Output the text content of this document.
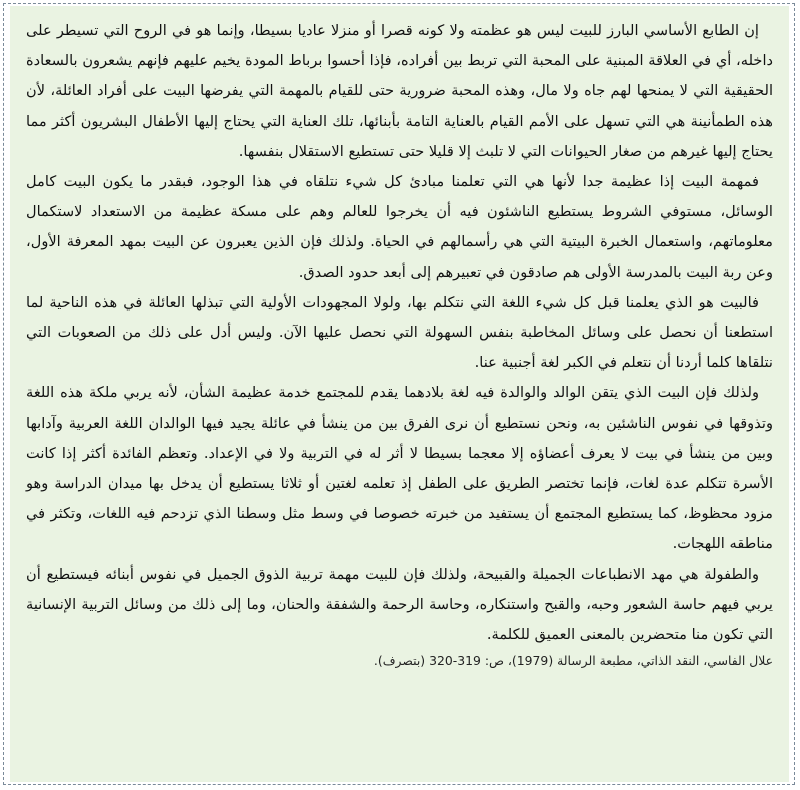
إن الطابع الأساسي البارز للبيت ليس هو عظمته ولا كونه قصرا أو منزلا عاديا بسيطا، وإنما هو في الروح التي تسيطر على داخله، أي في العلاقة المبنية على المحبة التي تربط بين أفراده، فإذا أحسوا برباط المودة يخيم عليهم فإنهم يشعرون بالسعادة الحقيقية التي لا يمنحها لهم جاه ولا مال، وهذه المحبة ضرورية حتى للقيام بالمهمة التي يفرضها البيت على أفراد العائلة، لأن هذه الطمأنينة هي التي تسهل على الأمم القيام بالعناية التامة بأبنائها، تلك العناية التي يحتاج إليها الأطفال البشريون أكثر مما يحتاج إليها غيرهم من صغار الحيوانات التي لا تلبث إلا قليلا حتى تستطيع الاستقلال بنفسها.

فمهمة البيت إذا عظيمة جدا لأنها هي التي تعلمنا مبادئ كل شيء نتلقاه في هذا الوجود، فبقدر ما يكون البيت كامل الوسائل، مستوفي الشروط يستطيع الناشئون فيه أن يخرجوا للعالم وهم على مسكة عظيمة من الاستعداد لاستكمال معلوماتهم، واستعمال الخبرة البيتية التي هي رأسمالهم في الحياة. ولذلك فإن الذين يعبرون عن البيت بمهد المعرفة الأول، وعن ربة البيت بالمدرسة الأولى هم صادقون في تعبيرهم إلى أبعد حدود الصدق.

فالبيت هو الذي يعلمنا قبل كل شيء اللغة التي نتكلم بها، ولولا المجهودات الأولية التي تبذلها العائلة في هذه الناحية لما استطعنا أن نحصل على وسائل المخاطبة بنفس السهولة التي نحصل عليها الآن. وليس أدل على ذلك من الصعوبات التي نتلقاها كلما أردنا أن نتعلم في الكبر لغة أجنبية عنا.

ولذلك فإن البيت الذي يتقن الوالد والوالدة فيه لغة بلادهما يقدم للمجتمع خدمة عظيمة الشأن، لأنه يربي ملكة هذه اللغة وتذوقها في نفوس الناشئين به، ونحن نستطيع أن نرى الفرق بين من ينشأ في عائلة يجيد فيها الوالدان اللغة العربية وآدابها وبين من ينشأ في بيت لا يعرف أعضاؤه إلا معجما بسيطا لا أثر له في التربية ولا في الإعداد. وتعظم الفائدة أكثر إذا كانت الأسرة تتكلم عدة لغات، فإنما تختصر الطريق على الطفل إذ تعلمه لغتين أو ثلاثا يستطيع أن يدخل بها ميدان الدراسة وهو مزود محظوظ، كما يستطيع المجتمع أن يستفيد من خبرته خصوصا في وسط مثل وسطنا الذي تزدحم فيه اللغات، وتكثر في مناطقه اللهجات.

والطفولة هي مهد الانطباعات الجميلة والقبيحة، ولذلك فإن للبيت مهمة تربية الذوق الجميل في نفوس أبنائه فيستطيع أن يربي فيهم حاسة الشعور وحبه، والقبح واستنكاره، وحاسة الرحمة والشفقة والحنان، وما إلى ذلك من وسائل التربية الإنسانية التي تكون منا متحضرين بالمعنى العميق للكلمة.

علال الفاسي، النقد الذاتي، مطبعة الرسالة (1979)، ص: 319-320 (بتصرف).
